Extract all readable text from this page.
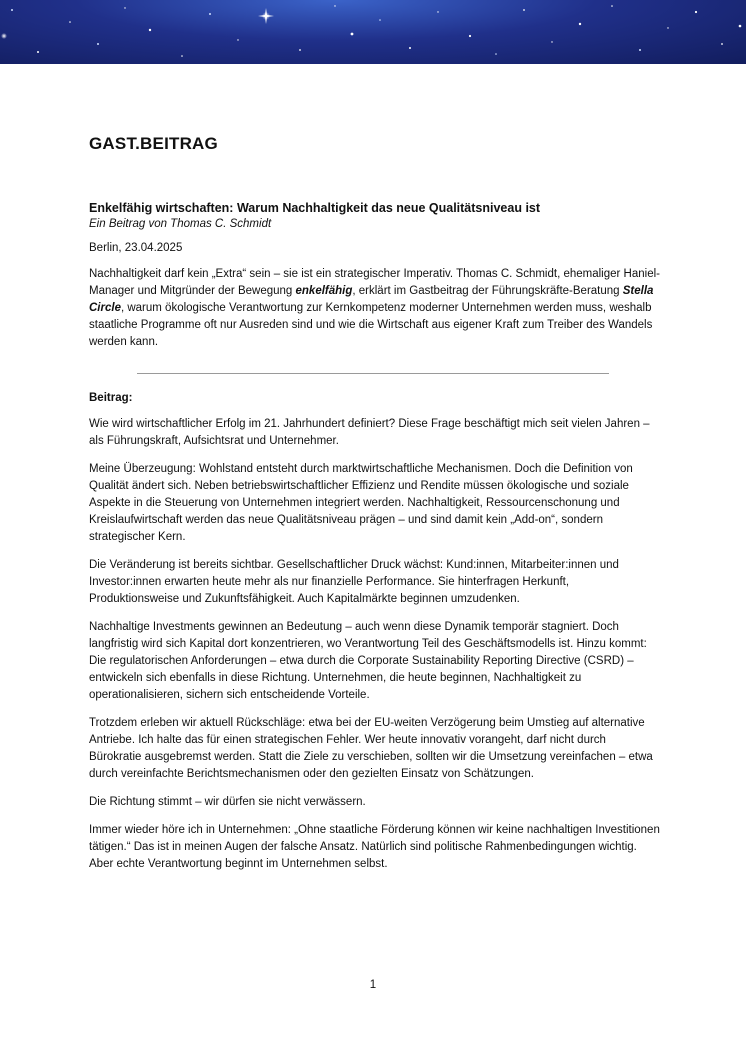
GAST.BEITRAG
Enkelfähig wirtschaften: Warum Nachhaltigkeit das neue Qualitätsniveau ist
Ein Beitrag von Thomas C. Schmidt
Berlin, 23.04.2025

Nachhaltigkeit darf kein „Extra“ sein – sie ist ein strategischer Imperativ. Thomas C. Schmidt, ehemaliger Haniel-Manager und Mitgründer der Bewegung enkelfähig, erklärt im Gastbeitrag der Führungskräfte-Beratung Stella Circle, warum ökologische Verantwortung zur Kernkompetenz moderner Unternehmen werden muss, weshalb staatliche Programme oft nur Ausreden sind und wie die Wirtschaft aus eigener Kraft zum Treiber des Wandels werden kann.

Beitrag:

Wie wird wirtschaftlicher Erfolg im 21. Jahrhundert definiert? Diese Frage beschäftigt mich seit vielen Jahren – als Führungskraft, Aufsichtsrat und Unternehmer.

Meine Überzeugung: Wohlstand entsteht durch marktwirtschaftliche Mechanismen. Doch die Definition von Qualität ändert sich. Neben betriebswirtschaftlicher Effizienz und Rendite müssen ökologische und soziale Aspekte in die Steuerung von Unternehmen integriert werden. Nachhaltigkeit, Ressourcenschonung und Kreislaufwirtschaft werden das neue Qualitätsniveau prägen – und sind damit kein „Add-on“, sondern strategischer Kern.

Die Veränderung ist bereits sichtbar. Gesellschaftlicher Druck wächst: Kund:innen, Mitarbeiter:innen und Investor:innen erwarten heute mehr als nur finanzielle Performance. Sie hinterfragen Herkunft, Produktionsweise und Zukunftsfähigkeit. Auch Kapitalmärkte beginnen umzudenken.

Nachhaltige Investments gewinnen an Bedeutung – auch wenn diese Dynamik temporär stagniert. Doch langfristig wird sich Kapital dort konzentrieren, wo Verantwortung Teil des Geschäftsmodells ist. Hinzu kommt: Die regulatorischen Anforderungen – etwa durch die Corporate Sustainability Reporting Directive (CSRD) – entwickeln sich ebenfalls in diese Richtung. Unternehmen, die heute beginnen, Nachhaltigkeit zu operationalisieren, sichern sich entscheidende Vorteile.

Trotzdem erleben wir aktuell Rückschläge: etwa bei der EU-weiten Verzögerung beim Umstieg auf alternative Antriebe. Ich halte das für einen strategischen Fehler. Wer heute innovativ vorangeht, darf nicht durch Bürokratie ausgebremst werden. Statt die Ziele zu verschieben, sollten wir die Umsetzung vereinfachen – etwa durch vereinfachte Berichtsmechanismen oder den gezielten Einsatz von Schätzungen.

Die Richtung stimmt – wir dürfen sie nicht verwässern.

Immer wieder höre ich in Unternehmen: „Ohne staatliche Förderung können wir keine nachhaltigen Investitionen tätigen.“ Das ist in meinen Augen der falsche Ansatz. Natürlich sind politische Rahmenbedingungen wichtig. Aber echte Verantwortung beginnt im Unternehmen selbst.

1
